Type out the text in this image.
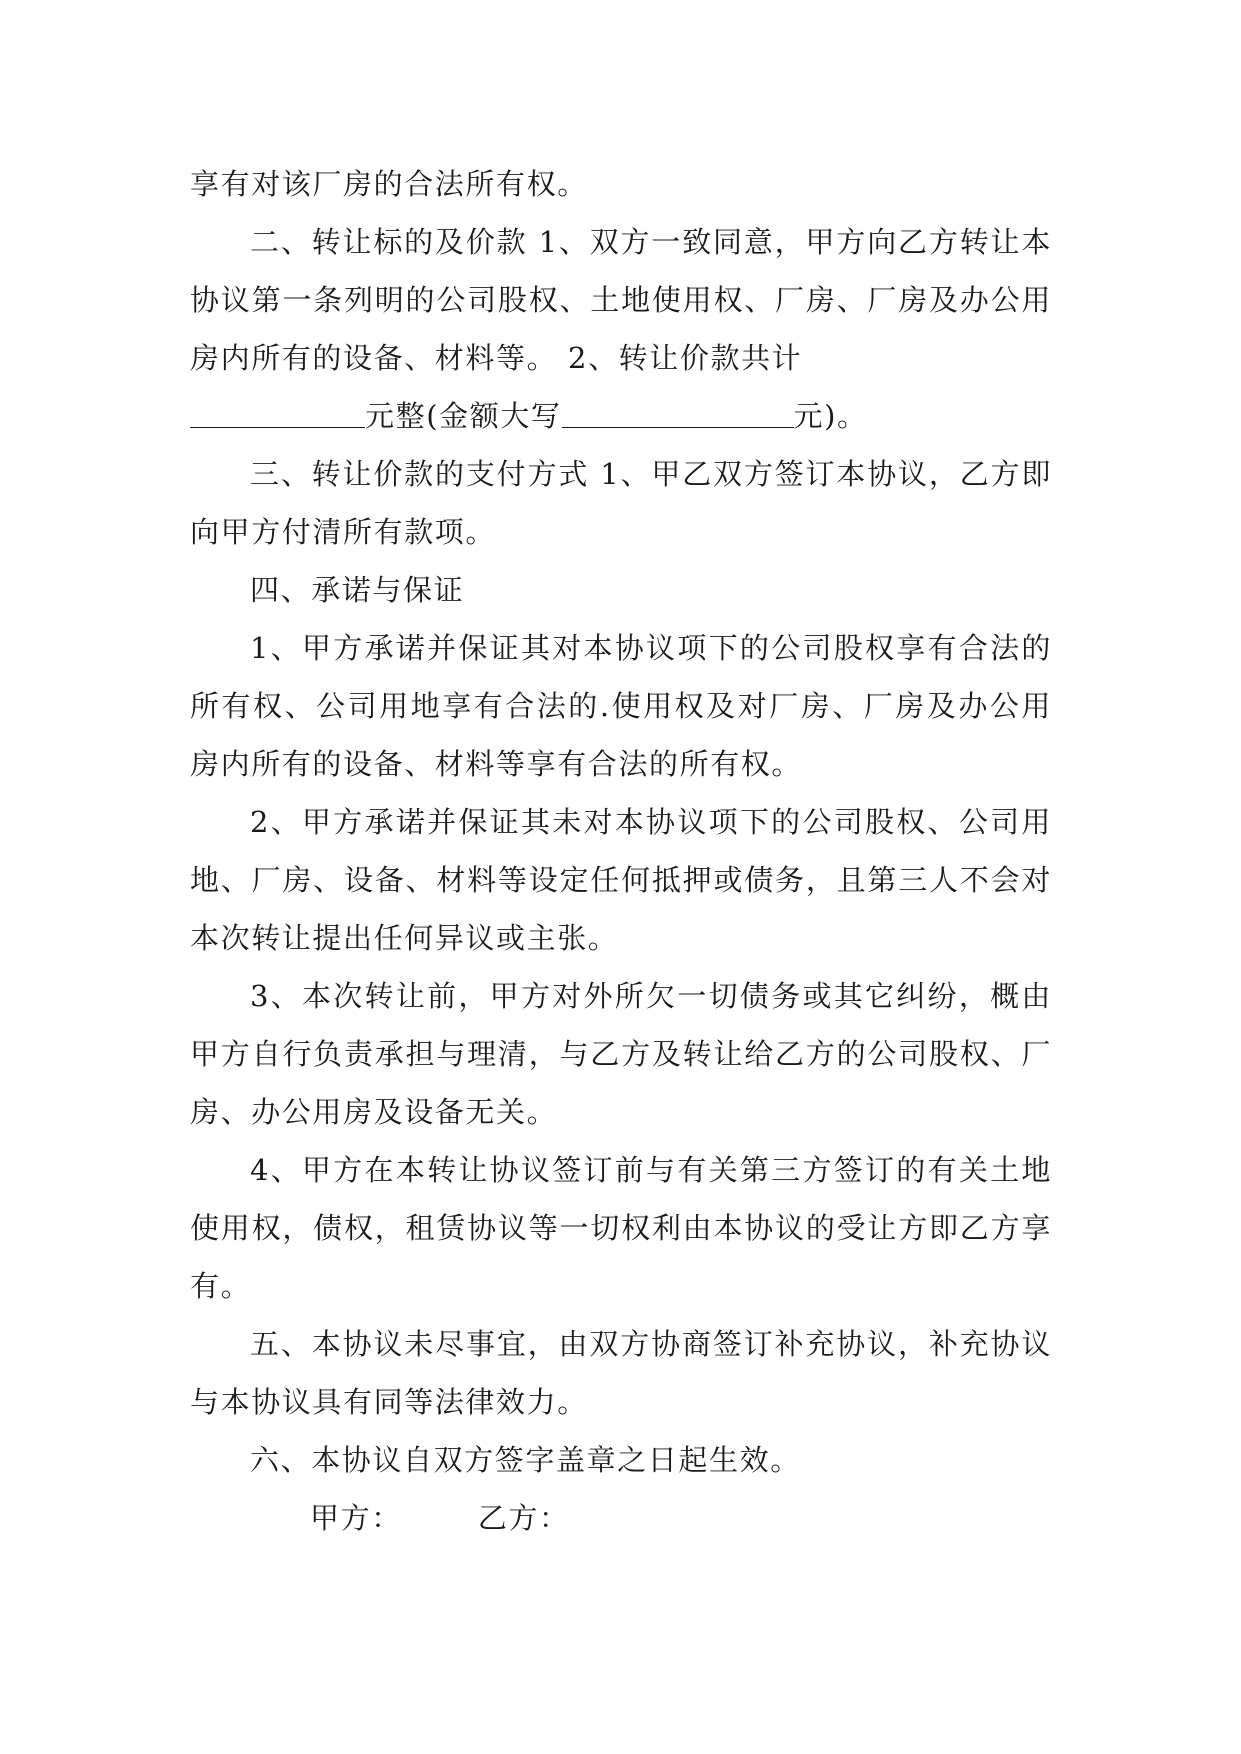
享有对该厂房的合法所有权。

二、转让标的及价款 1、双方一致同意，甲方向乙方转让本协议第一条列明的公司股权、土地使用权、厂房、厂房及办公用房内所有的设备、材料等。 2、转让价款共计

元整(金额大写	元)。

三、转让价款的支付方式 1、甲乙双方签订本协议，乙方即向甲方付清所有款项。

四、承诺与保证

1、甲方承诺并保证其对本协议项下的公司股权享有合法的所有权、公司用地享有合法的.使用权及对厂房、厂房及办公用房内所有的设备、材料等享有合法的所有权。

2、甲方承诺并保证其未对本协议项下的公司股权、公司用地、厂房、设备、材料等设定任何抵押或债务，且第三人不会对本次转让提出任何异议或主张。

3、本次转让前，甲方对外所欠一切债务或其它纠纷，概由甲方自行负责承担与理清，与乙方及转让给乙方的公司股权、厂房、办公用房及设备无关。

4、甲方在本转让协议签订前与有关第三方签订的有关土地使用权，债权，租赁协议等一切权利由本协议的受让方即乙方享有。

五、本协议未尽事宜，由双方协商签订补充协议，补充协议与本协议具有同等法律效力。

六、本协议自双方签字盖章之日起生效。

甲方：	乙方：
